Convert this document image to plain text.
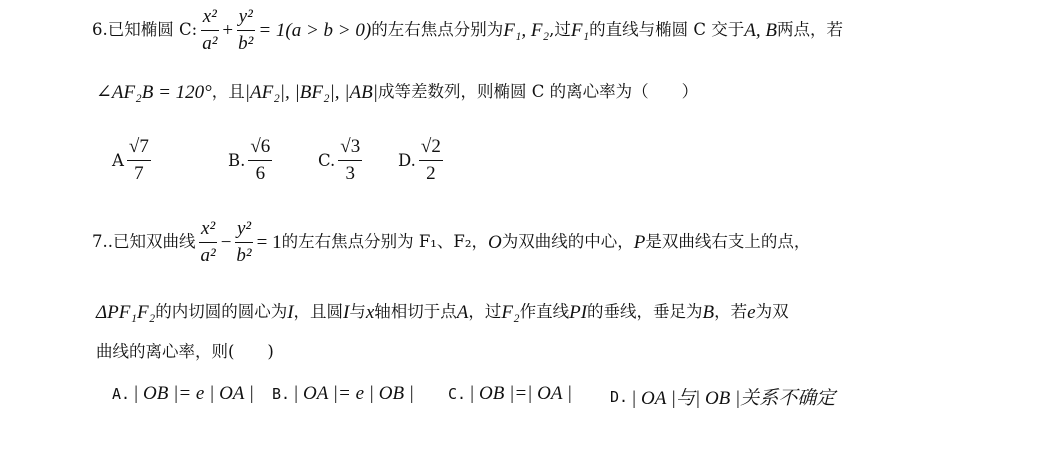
6. 已知椭圆 C: $\frac{\text{x²}}{\text{a²}} + \frac{\text{y²}}{\text{b²}} = 1(a > b > 0)$ 的左右焦点分别为 F₁, F₂ ,过 F₁ 的直线与椭圆 C 交于 A, B 两点，若
∠AF₂B = 120° ，且 |AF₂|, |BF₂|, |AB| 成等差数列，则椭圆 C 的离心率为（　　）
A $\frac{√7}{7}$	B. $\frac{√6}{6}$	C. $\frac{√3}{3} D$. $\frac{√2}{2}$
7.. 已知双曲线 $\frac{\text{x²}}{\text{a²}} - \frac{\text{y²}}{\text{b²}} = 1$ 的左右焦点分别为 F₁、F₂， O 为双曲线的中心， P 是双曲线右支上的点，
ΔPF₁F₂ 的内切圆的圆心为 I ，且圆 I 与 x 轴相切于点 A ，过 F₂ 作直线 PI 的垂线，垂足为 B ，若 e 为双
曲线的离心率，则(　　)
A. | OB |= e | OA | B. | OA |= e | OB | C. | OB |=| OA |	D. | OA |与| OB |关系不确定
